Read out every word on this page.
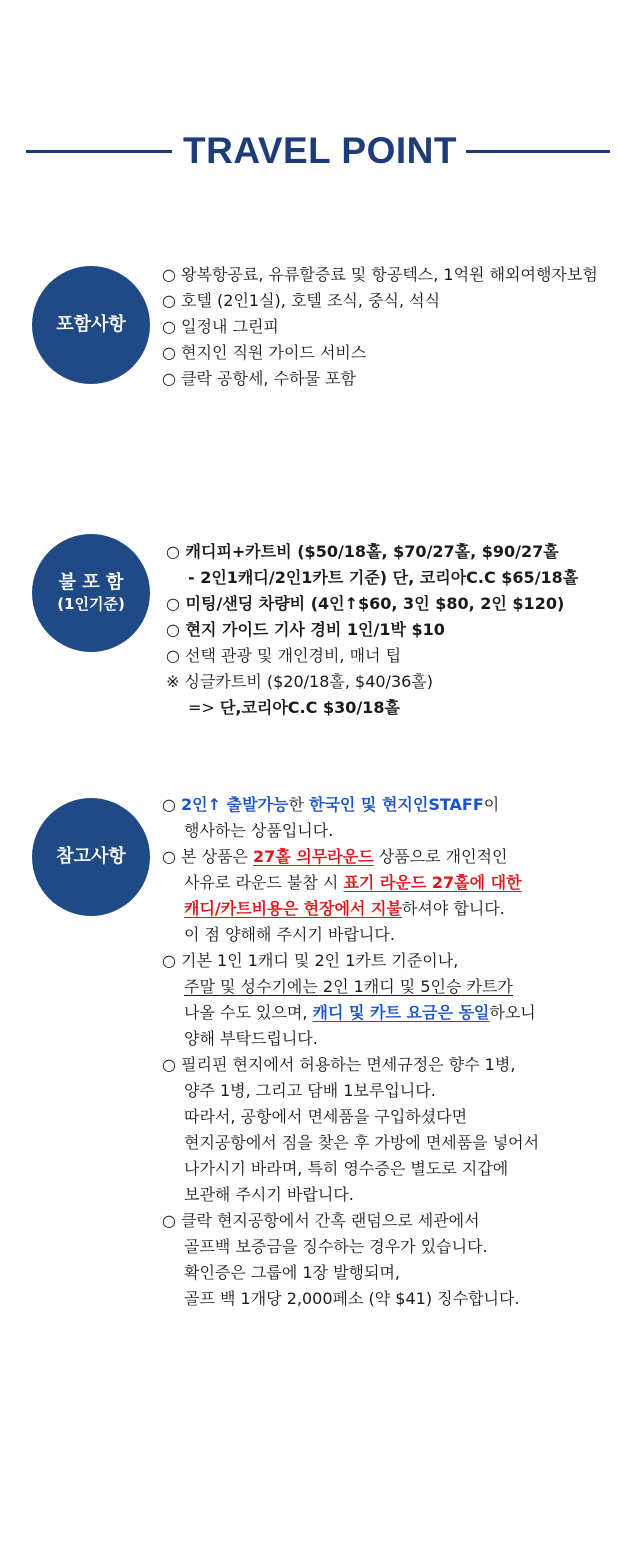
TRAVEL POINT
포함사항
○ 왕복항공료, 유류할증료 및 항공텍스, 1억원 해외여행자보험
○ 호텔 (2인1실), 호텔 조식, 중식, 석식
○ 일정내 그린피
○ 현지인 직원 가이드 서비스
○ 클락 공항세, 수하물 포함
불 포 함
(1인기준)
○ 캐디피+카트비 ($50/18홀, $70/27홀, $90/27홀
- 2인1캐디/2인1카트 기준) 단, 코리아C.C $65/18홀
○ 미팅/샌딩 차량비 (4인↑$60, 3인 $80, 2인 $120)
○ 현지 가이드 기사 경비 1인/1박 $10
○ 선택 관광 및 개인경비, 매너 팁
※ 싱글카트비 ($20/18홀, $40/36홀)
=> 단,코리아C.C $30/18홀
참고사항
○ 2인↑ 출발가능한 한국인 및 현지인STAFF이
행사하는 상품입니다.
○ 본 상품은 27홀 의무라운드 상품으로 개인적인
사유로 라운드 불참 시 표기 라운드 27홀에 대한
캐디/카트비용은 현장에서 지불하셔야 합니다.
이 점 양해해 주시기 바랍니다.
○ 기본 1인 1캐디 및 2인 1카트 기준이나,
주말 및 성수기에는 2인 1캐디 및 5인승 카트가
나올 수도 있으며, 캐디 및 카트 요금은 동일하오니
양해 부탁드립니다.
○ 필리핀 현지에서 허용하는 면세규정은 향수 1병,
양주 1병, 그리고 담배 1보루입니다.
따라서, 공항에서 면세품을 구입하셨다면
현지공항에서 짐을 찾은 후 가방에 면세품을 넣어서
나가시기 바라며, 특히 영수증은 별도로 지갑에
보관해 주시기 바랍니다.
○ 클락 현지공항에서 간혹 랜덤으로 세관에서
골프백 보증금을 징수하는 경우가 있습니다.
확인증은 그룹에 1장 발행되며,
골프 백 1개당 2,000페소 (약 $41) 징수합니다.
